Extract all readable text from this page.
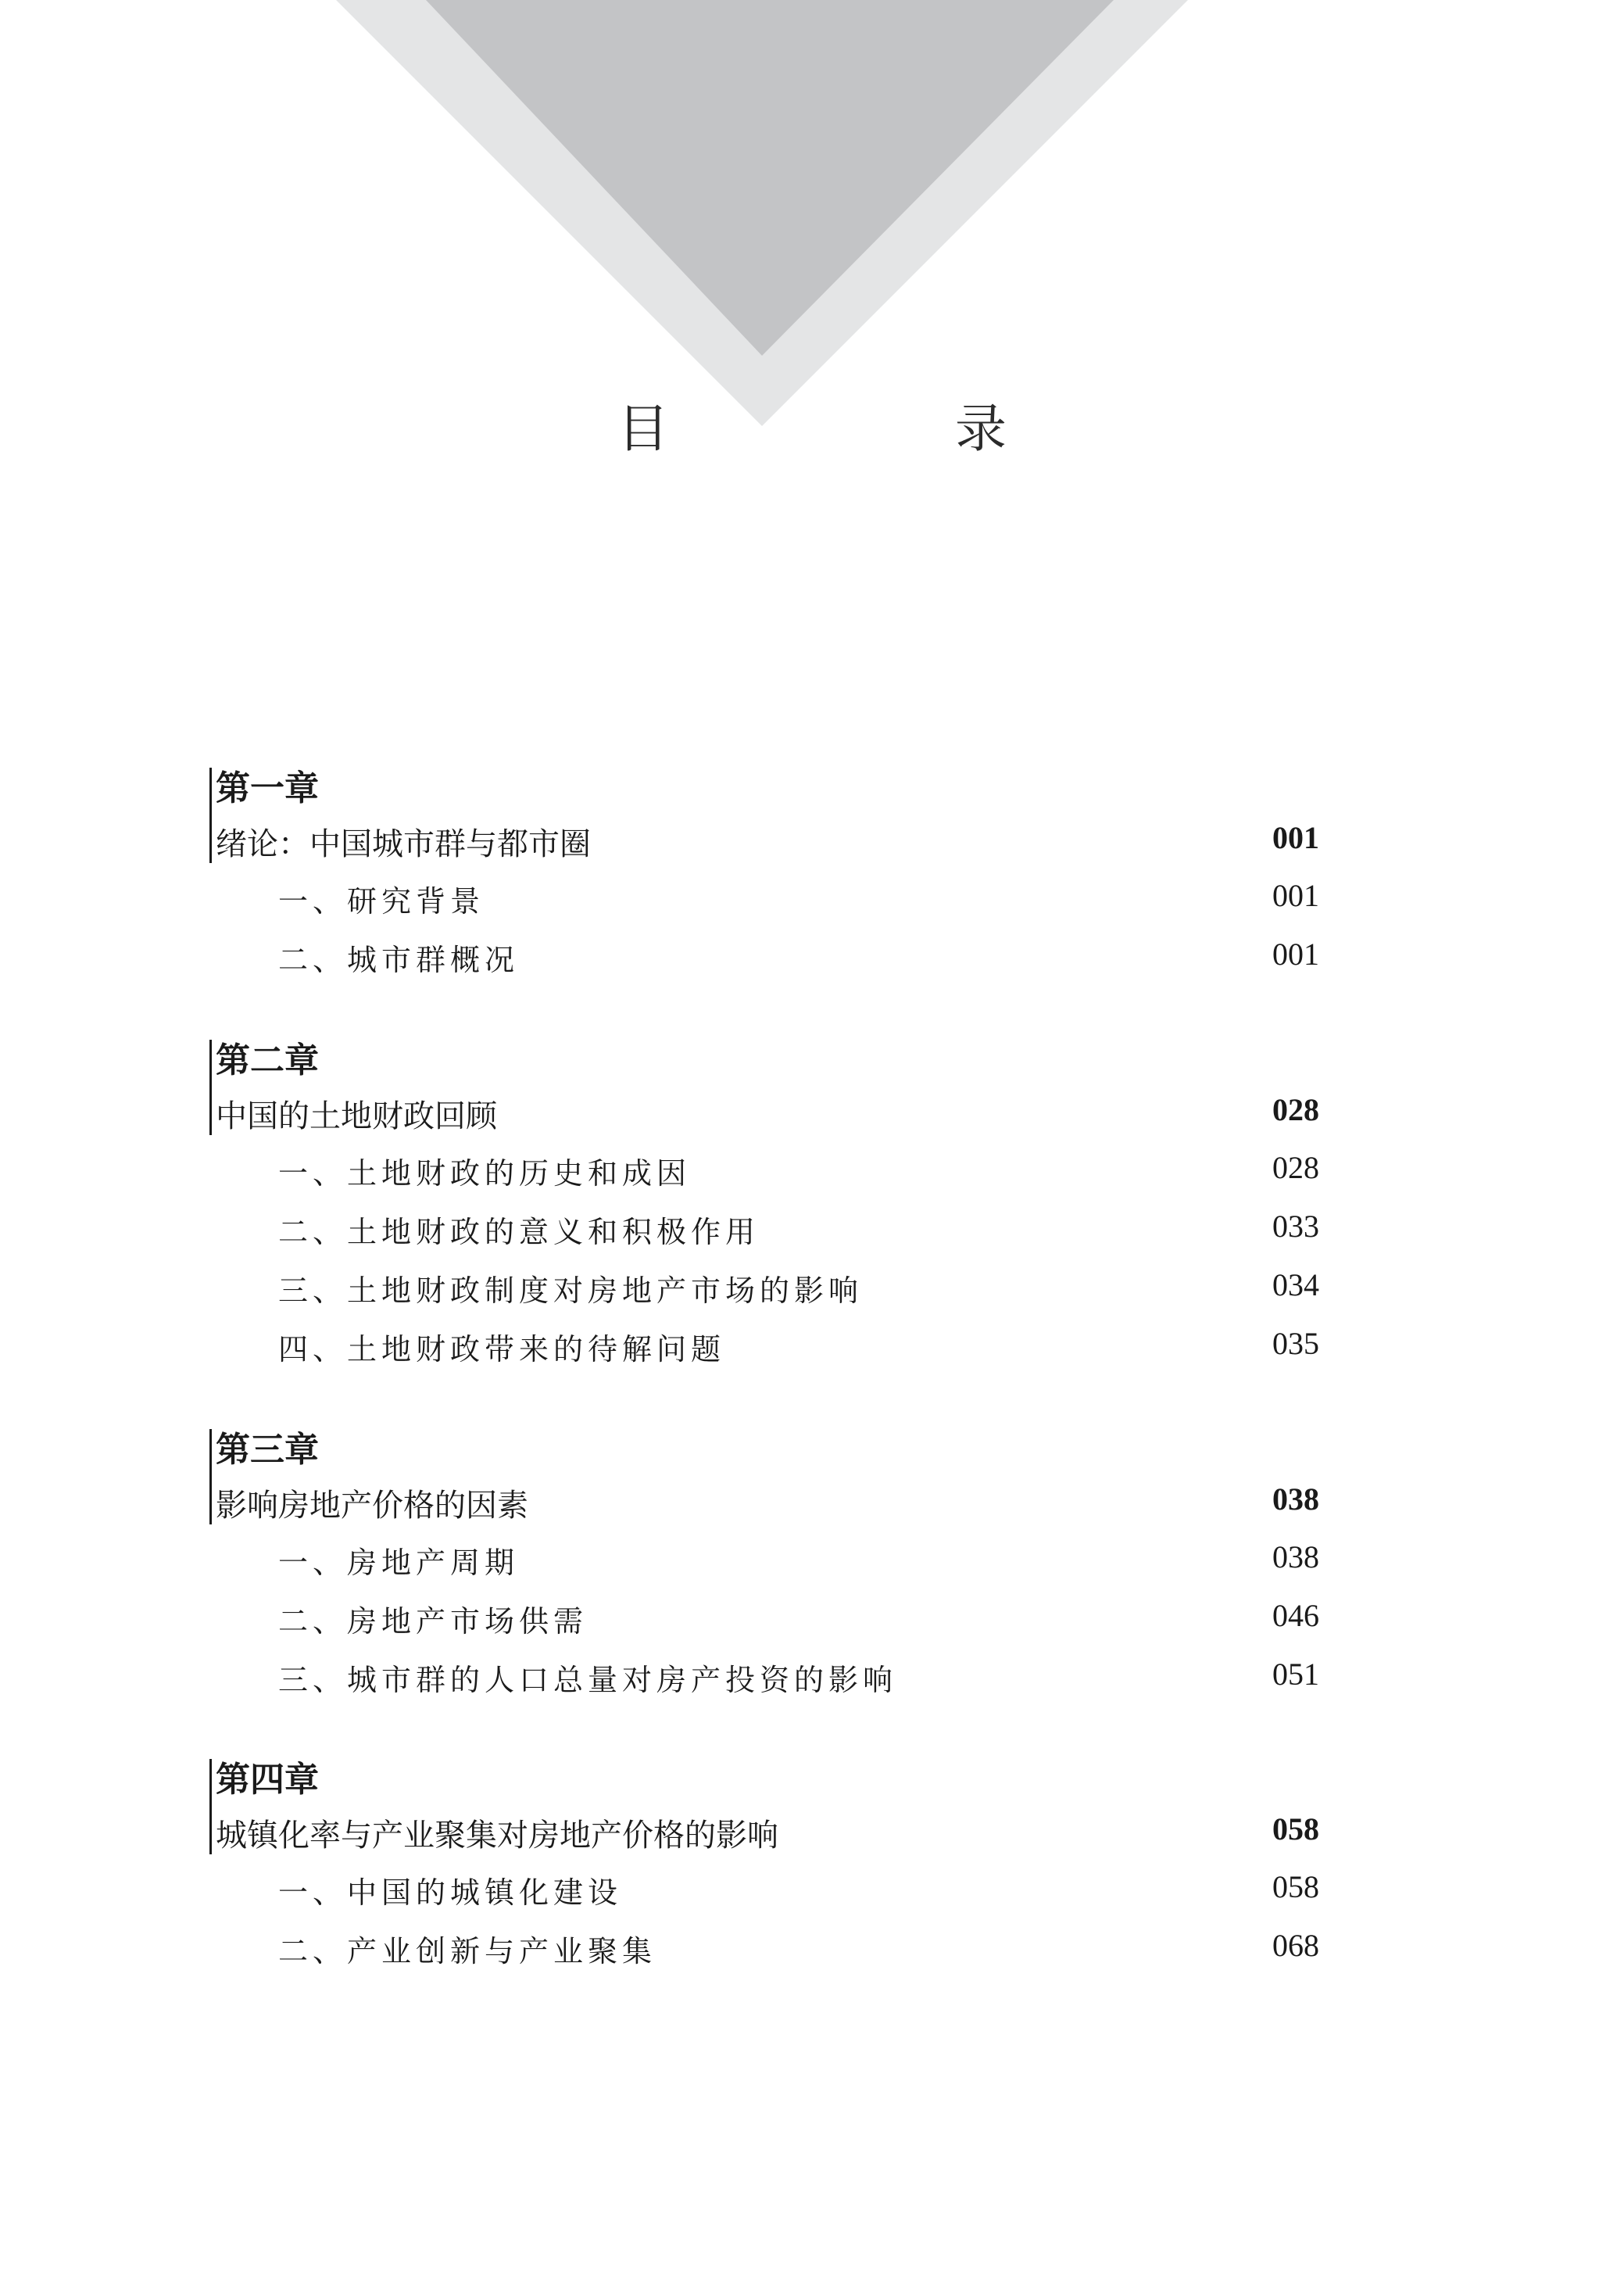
目　录
第一章
绪论：中国城市群与都市圈	001
一、研究背景	001
二、城市群概况	001
第二章
中国的土地财政回顾	028
一、土地财政的历史和成因	028
二、土地财政的意义和积极作用	033
三、土地财政制度对房地产市场的影响	034
四、土地财政带来的待解问题	035
第三章
影响房地产价格的因素	038
一、房地产周期	038
二、房地产市场供需	046
三、城市群的人口总量对房产投资的影响	051
第四章
城镇化率与产业聚集对房地产价格的影响	058
一、中国的城镇化建设	058
二、产业创新与产业聚集	068
